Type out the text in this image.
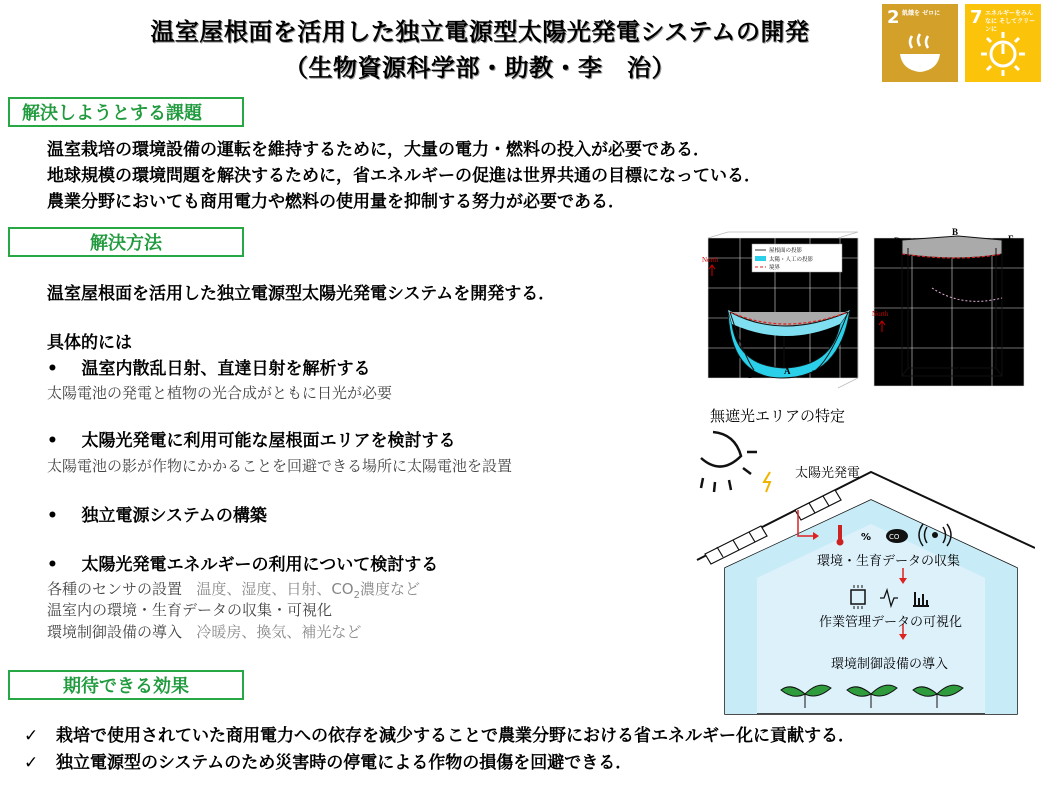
温室屋根面を活用した独立電源型太陽光発電システムの開発
（生物資源科学部・助教・李　治）
2 飢餓を ゼロに	7 エネルギーをみんなに そしてクリーンに
解決しようとする課題
温室栽培の環境設備の運転を維持するために，大量の電力・燃料の投入が必要である．
地球規模の環境問題を解決するために，省エネルギーの促進は世界共通の目標になっている．
農業分野においても商用電力や燃料の使用量を抑制する努力が必要である．
解決方法
温室屋根面を活用した独立電源型太陽光発電システムを開発する．
具体的には
•    温室内散乱日射、直達日射を解析する
太陽電池の発電と植物の光合成がともに日光が必要
•    太陽光発電に利用可能な屋根面エリアを検討する
太陽電池の影が作物にかかることを回避できる場所に太陽電池を設置
•    独立電源システムの構築
•    太陽光発電エネルギーの利用について検討する
各種のセンサの設置 温度、湿度、日射、$CO_2$濃度など
温室内の環境・生育データの収集・可視化
環境制御設備の導入 冷暖房、換気、補光など
期待できる効果
✓   栽培で使用されていた商用電力への依存を減少することで農業分野における省エネルギー化に貢献する．
✓   独立電源型のシステムのため災害時の停電による作物の損傷を回避できる．
D	B	F
C	A E
North
屋根面の投影
太陽・人工の投影
境界
D
B
F
C	A	E
North
無遮光エリアの特定
%	CO
太陽光発電
環境・生育データの収集
作業管理データの可視化
環境制御設備の導入
